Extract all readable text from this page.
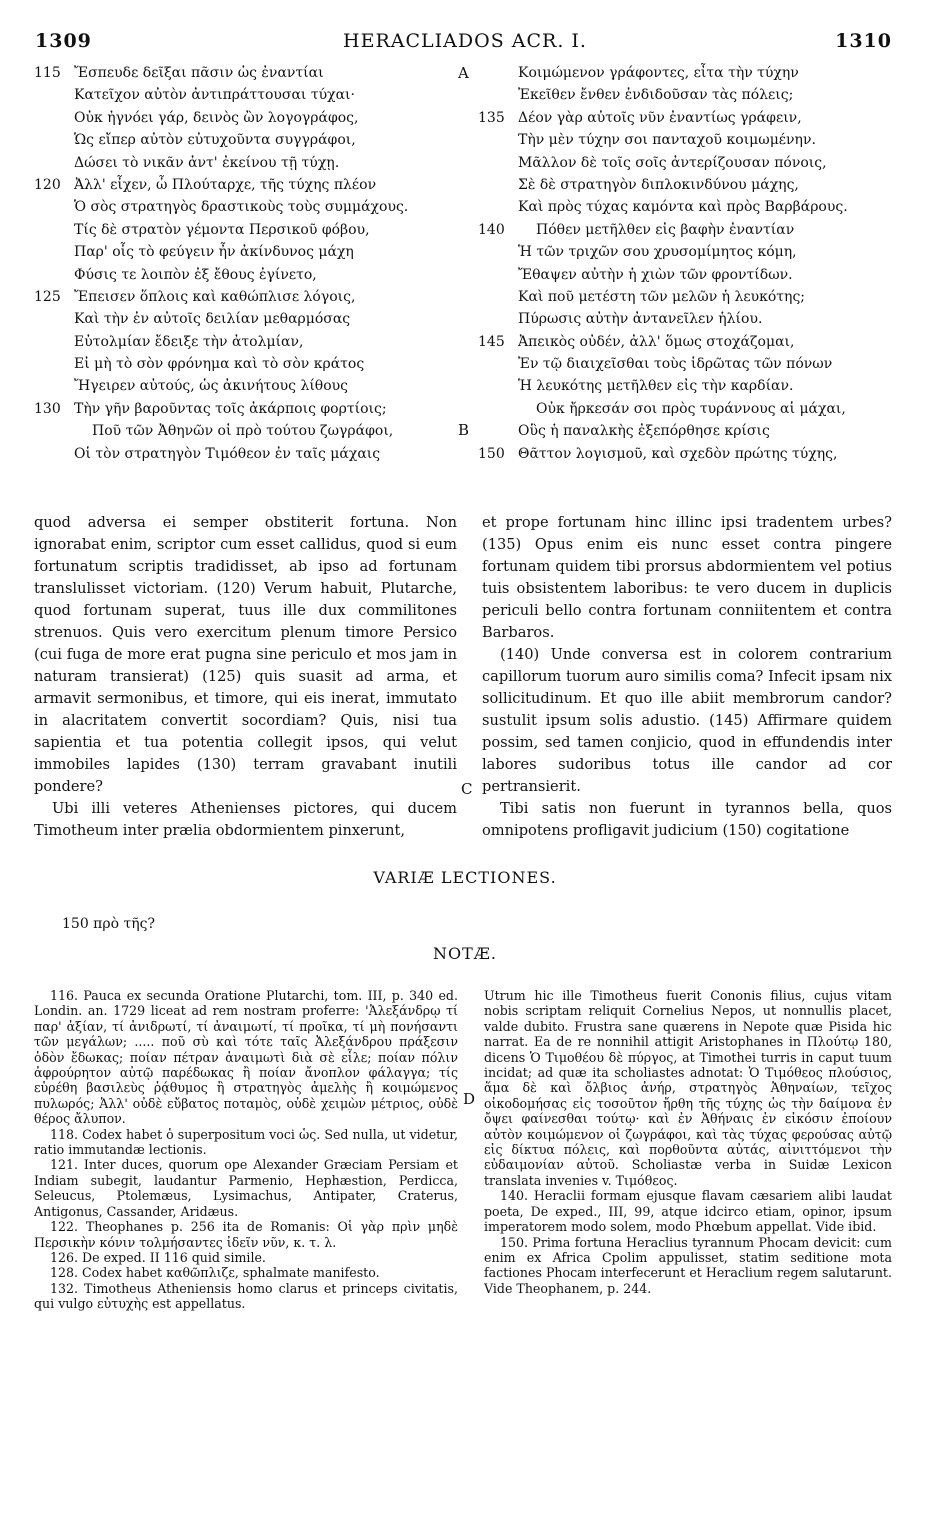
HERACLIADOS ACR. I.
1309	1310
115 Ἔσπευδε δεῖξαι πᾶσιν ὡς ἐναντίαι
Κατεῖχον αὐτὸν ἀντιπράττουσαι τύχαι·
Οὐκ ἠγνόει γάρ, δεινὸς ὢν λογογράφος,
Ὡς εἴπερ αὐτὸν εὐτυχοῦντα συγγράφοι,
Δώσει τὸ νικᾶν ἀντ' ἐκείνου τῇ τύχῃ.
120 Ἀλλ' εἶχεν, ὦ Πλούταρχε, τῆς τύχης πλέον
Ὁ σὸς στρατηγὸς δραστικοὺς τοὺς συμμάχους.
Τίς δὲ στρατὸν γέμοντα Περσικοῦ φόβου,
Παρ' οἷς τὸ φεύγειν ἦν ἀκίνδυνος μάχη
Φύσις τε λοιπὸν ἐξ ἔθους ἐγίνετο,
125 Ἔπεισεν ὅπλοις καὶ καθώπλισε λόγοις,
Καὶ τὴν ἐν αὐτοῖς δειλίαν μεθαρμόσας
Εὐτολμίαν ἔδειξε τὴν ἀτολμίαν,
Εἰ μὴ τὸ σὸν φρόνημα καὶ τὸ σὸν κράτος
Ἤγειρεν αὐτούς, ὡς ἀκινήτους λίθους
130 Τὴν γῆν βαροῦντας τοῖς ἀκάρποις φορτίοις;
Ποῦ τῶν Ἀθηνῶν οἱ πρὸ τούτου ζωγράφοι,
Οἱ τὸν στρατηγὸν Τιμόθεον ἐν ταῖς μάχαις
Κοιμώμενον γράφοντες, εἶτα τὴν τύχην
Ἐκεῖθεν ἔνθεν ἐνδιδοῦσαν τὰς πόλεις;
135 Δέον γὰρ αὐτοῖς νῦν ἐναντίως γράφειν,
Τὴν μὲν τύχην σοι πανταχοῦ κοιμωμένην.
Μᾶλλον δὲ τοῖς σοῖς ἀντερίζουσαν πόνοις,
Σὲ δὲ στρατηγὸν διπλοκινδύνου μάχης,
Καὶ πρὸς τύχας καμόντα καὶ πρὸς Βαρβάρους.
140	Πόθεν μετῆλθεν εἰς βαφὴν ἐναντίαν
Ἡ τῶν τριχῶν σου χρυσομίμητος κόμη,
Ἔθαψεν αὐτὴν ἡ χιὼν τῶν φροντίδων.
Καὶ ποῦ μετέστη τῶν μελῶν ἡ λευκότης;
Πύρωσις αὐτὴν ἀντανεῖλεν ἡλίου.
145 Ἀπεικὸς οὐδέν, ἀλλ' ὅμως στοχάζομαι,
Ἐν τῷ διαιχεῖσθαι τοὺς ἱδρῶτας τῶν πόνων
Ἡ λευκότης μετῆλθεν εἰς τὴν καρδίαν.
Οὐκ ἤρκεσάν σοι πρὸς τυράννους αἱ μάχαι,
Οὓς ἡ παναλκὴς ἐξεπόρθησε κρίσις
150 Θᾶττον λογισμοῦ, καὶ σχεδὸν πρώτης τύχης,
A
B
C
D

quod adversa ei semper obstiterit fortuna. Non ignorabat enim, scriptor cum esset callidus, quod si eum fortunatum scriptis tradidisset, ab ipso ad fortunam translulisset victoriam. (120) Verum habuit, Plutarche, quod fortunam superat, tuus ille dux commilitones strenuos. Quis vero exercitum plenum timore Persico (cui fuga de more erat pugna sine periculo et mos jam in naturam transierat) (125) quis suasit ad arma, et armavit sermonibus, et timore, qui eis inerat, immutato in alacritatem convertit socordiam? Quis, nisi tua sapientia et tua potentia collegit ipsos, qui velut immobiles lapides (130) terram gravabant inutili pondere?

Ubi illi veteres Athenienses pictores, qui ducem Timotheum inter prælia obdormientem pinxerunt,

et prope fortunam hinc illinc ipsi tradentem urbes? (135) Opus enim eis nunc esset contra pingere fortunam quidem tibi prorsus abdormientem vel potius tuis obsistentem laboribus: te vero ducem in duplicis periculi bello contra fortunam conniitentem et contra Barbaros.

(140) Unde conversa est in colorem contrarium capillorum tuorum auro similis coma? Infecit ipsam nix sollicitudinum. Et quo ille abiit membrorum candor? sustulit ipsum solis adustio. (145) Affirmare quidem possim, sed tamen conjicio, quod in effundendis inter labores sudoribus totus ille candor ad cor pertransierit.

Tibi satis non fuerunt in tyrannos bella, quos omnipotens profligavit judicium (150) cogitatione

VARIÆ LECTIONES.
150 πρὸ τῆς?
NOTÆ.

116. Pauca ex secunda Oratione Plutarchi, tom. III, p. 340 ed. Londin. an. 1729 liceat ad rem nostram proferre: 'Ἀλεξάνδρῳ τί παρ' ἀξίαν, τί ἀνιδρωτί, τί ἀναιμωτί, τί προῖκα, τί μὴ πονήσαντι τῶν μεγάλων; ..... ποῦ σὺ καὶ τότε ταῖς Ἀλεξάνδρου πράξεσιν ὁδὸν ἔδωκας; ποίαν πέτραν ἀναιμωτὶ διὰ σὲ εἷλε; ποίαν πόλιν ἀφρούρητον αὐτῷ παρέδωκας ἢ ποίαν ἄνοπλον φάλαγγα; τίς εὑρέθη βασιλεὺς ῥᾴθυμος ἢ στρατηγὸς ἀμελὴς ἢ κοιμώμενος πυλωρός; Ἀλλ' οὐδὲ εὔβατος ποταμὸς, οὐδὲ χειμὼν μέτριος, οὐδὲ θέρος ἄλυπον.

118. Codex habet ὁ superpositum voci ὡς. Sed nulla, ut videtur, ratio immutandæ lectionis.

121. Inter duces, quorum ope Alexander Græciam Persiam et Indiam subegit, laudantur Parmenio, Hephæstion, Perdicca, Seleucus, Ptolemæus, Lysimachus, Antipater, Craterus, Antigonus, Cassander, Aridæus.

122. Theophanes p. 256 ita de Romanis: Οἱ γὰρ πρὶν μηδὲ Περσικὴν κόνιν τολμήσαντες ἰδεῖν νῦν, κ. τ. λ.

126. De exped. II 116 quid simile.

128. Codex habet καθῶπλιζε, sphalmate manifesto.

132. Timotheus Atheniensis homo clarus et princeps civitatis, qui vulgo εὐτυχὴς est appellatus.

Utrum hic ille Timotheus fuerit Cononis filius, cujus vitam nobis scriptam reliquit Cornelius Nepos, ut nonnullis placet, valde dubito. Frustra sane quærens in Nepote quæ Pisida hic narrat. Ea de re nonnihil attigit Aristophanes in Πλούτῳ 180, dicens Ὁ Τιμοθέου δὲ πύργος, at Timothei turris in caput tuum incidat; ad quæ ita scholiastes adnotat: Ὁ Τιμόθεος πλούσιος, ἅμα δὲ καὶ ὄλβιος ἀνήρ, στρατηγὸς Ἀθηναίων, τεῖχος οἰκοδομήσας εἰς τοσοῦτον ἤρθη τῆς τύχης ὡς τὴν δαίμονα ἐν ὄψει φαίνεσθαι τούτῳ· καὶ ἐν Ἀθήναις ἐν εἰκόσιν ἐποίουν αὐτὸν κοιμώμενον οἱ ζωγράφοι, καὶ τὰς τύχας φερούσας αὐτῷ εἰς δίκτυα πόλεις, καὶ πορθοῦντα αὐτάς, αἰνιττόμενοι τὴν εὐδαιμονίαν αὐτοῦ. Scholiastæ verba in Suidæ Lexicon translata invenies v. Τιμόθεος.

140. Heraclii formam ejusque flavam cæsariem alibi laudat poeta, De exped., III, 99, atque idcirco etiam, opinor, ipsum imperatorem modo solem, modo Phœbum appellat. Vide ibid.

150. Prima fortuna Heraclius tyrannum Phocam devicit: cum enim ex Africa Cpolim appulisset, statim seditione mota factiones Phocam interfecerunt et Heraclium regem salutarunt. Vide Theophanem, p. 244.
